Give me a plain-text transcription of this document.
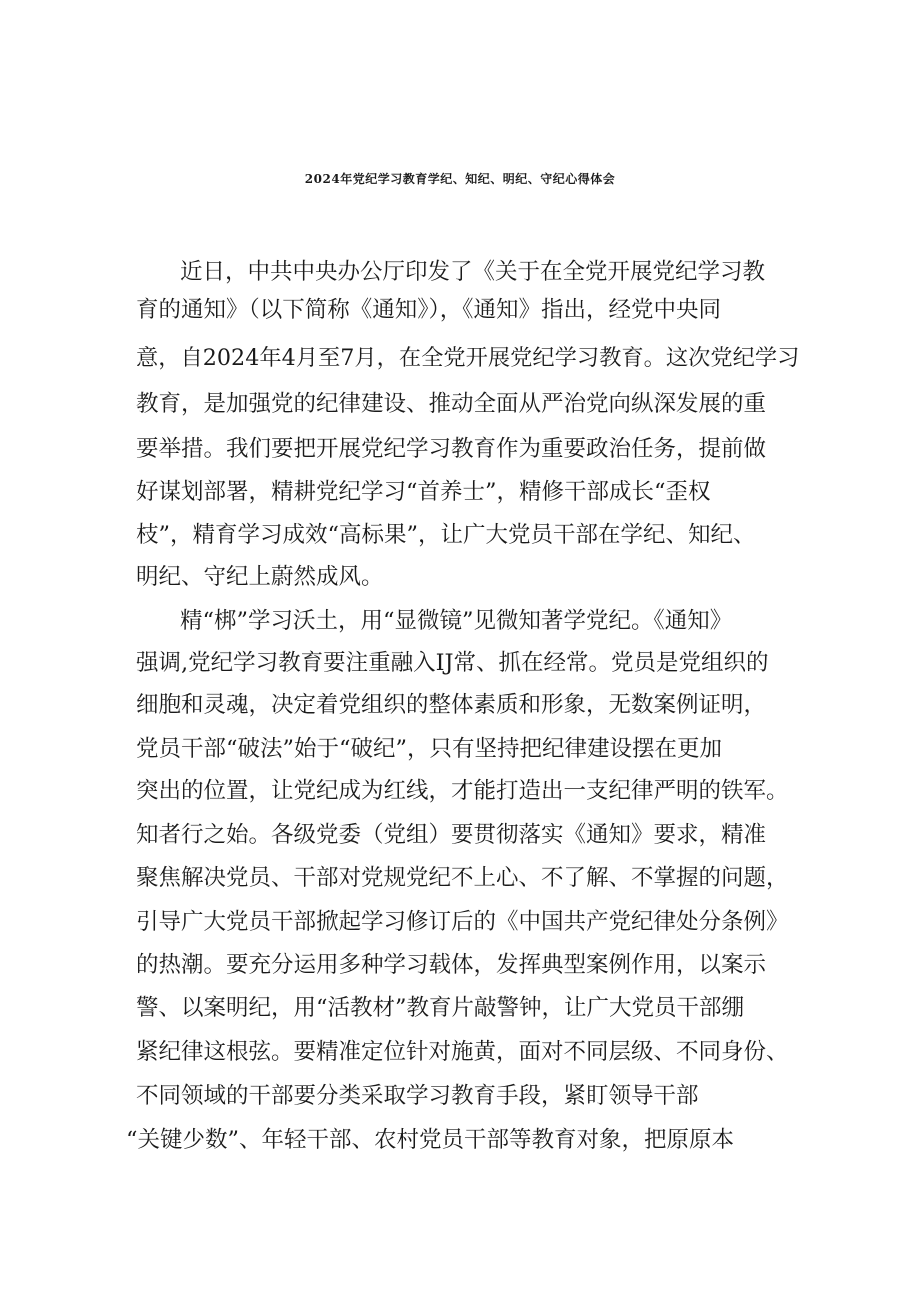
2024年党纪学习教育学纪、知纪、明纪、守纪心得体会
近日，中共中央办公厅印发了《关于在全党开展党纪学习教
育的通知》（以下简称《通知》），《通知》指出，经党中央同
意，自2024年4月至7月，在全党开展党纪学习教育。这次党纪学习
教育，是加强党的纪律建设、推动全面从严治党向纵深发展的重
要举措。我们要把开展党纪学习教育作为重要政治任务，提前做
好谋划部署，精耕党纪学习“首养士”，精修干部成长“歪权
枝”，精育学习成效“高标果”，让广大党员干部在学纪、知纪、
明纪、守纪上蔚然成风。
精“梆”学习沃土，用“显微镜”见微知著学党纪。《通知》
强调,党纪学习教育要注重融入IJ常、抓在经常。党员是党组织的
细胞和灵魂，决定着党组织的整体素质和形象，无数案例证明，
党员干部“破法”始于“破纪”，只有坚持把纪律建设摆在更加
突出的位置，让党纪成为红线，才能打造出一支纪律严明的铁军。
知者行之始。各级党委（党组）要贯彻落实《通知》要求，精准
聚焦解决党员、干部对党规党纪不上心、不了解、不掌握的问题，
引导广大党员干部掀起学习修订后的《中国共产党纪律处分条例》
的热潮。要充分运用多种学习载体，发挥典型案例作用，以案示
警、以案明纪，用“活教材”教育片敲警钟，让广大党员干部绷
紧纪律这根弦。要精准定位针对施黄，面对不同层级、不同身份、
不同领域的干部要分类采取学习教育手段，紧盯领导干部
“关键少数”、年轻干部、农村党员干部等教育对象，把原原本
